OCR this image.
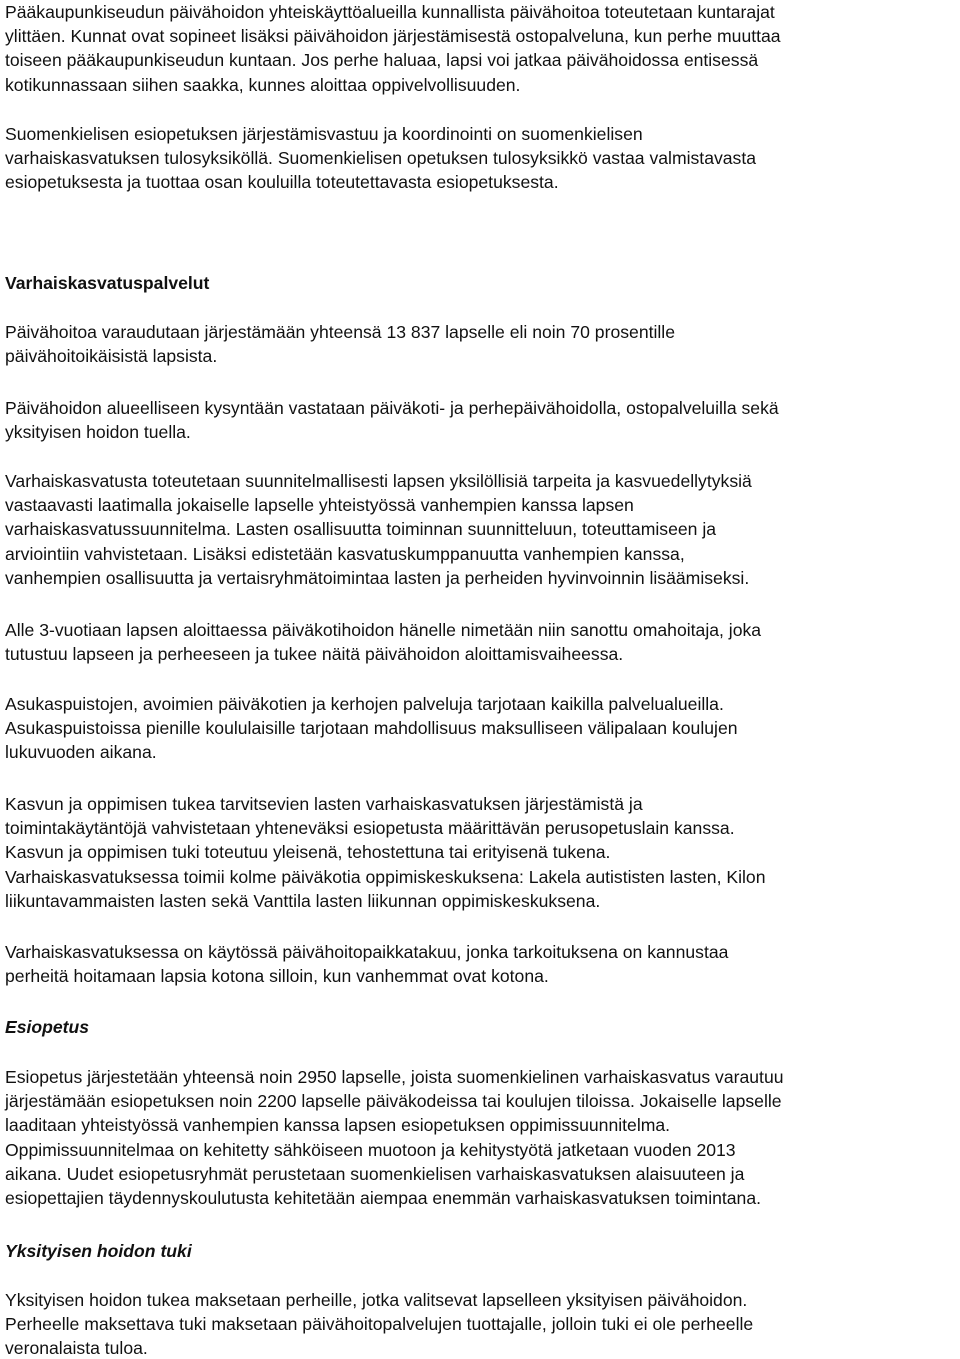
Pääkaupunkiseudun päivähoidon yhteiskäyttöalueilla kunnallista päivähoitoa toteutetaan kuntarajat
ylittäen. Kunnat ovat sopineet lisäksi päivähoidon järjestämisestä ostopalveluna, kun perhe muuttaa
toiseen pääkaupunkiseudun kuntaan. Jos perhe haluaa, lapsi voi jatkaa päivähoidossa entisessä
kotikunnassaan siihen saakka, kunnes aloittaa oppivelvollisuuden.
Suomenkielisen esiopetuksen järjestämisvastuu ja koordinointi on suomenkielisen
varhaiskasvatuksen tulosyksiköllä. Suomenkielisen opetuksen tulosyksikkö vastaa valmistavasta
esiopetuksesta ja tuottaa osan kouluilla toteutettavasta esiopetuksesta.
Varhaiskasvatuspalvelut
Päivähoitoa varaudutaan järjestämään yhteensä 13 837 lapselle eli noin 70 prosentille
päivähoitoikäisistä lapsista.
Päivähoidon alueelliseen kysyntään vastataan päiväkoti- ja perhepäivähoidolla, ostopalveluilla sekä
yksityisen hoidon tuella.
Varhaiskasvatusta toteutetaan suunnitelmallisesti lapsen yksilöllisiä tarpeita ja kasvuedellytyksiä
vastaavasti laatimalla jokaiselle lapselle yhteistyössä vanhempien kanssa lapsen
varhaiskasvatussuunnitelma. Lasten osallisuutta toiminnan suunnitteluun, toteuttamiseen ja
arviointiin vahvistetaan. Lisäksi edistetään kasvatuskumppanuutta vanhempien kanssa,
vanhempien osallisuutta ja vertaisryhmätoimintaa lasten ja perheiden hyvinvoinnin lisäämiseksi.
Alle 3-vuotiaan lapsen aloittaessa päiväkotihoidon hänelle nimetään niin sanottu omahoitaja, joka
tutustuu lapseen ja perheeseen ja tukee näitä päivähoidon aloittamisvaiheessa.
Asukaspuistojen, avoimien päiväkotien ja kerhojen palveluja tarjotaan kaikilla palvelualueilla.
Asukaspuistoissa pienille koululaisille tarjotaan mahdollisuus maksulliseen välipalaan koulujen
lukuvuoden aikana.
Kasvun ja oppimisen tukea tarvitsevien lasten varhaiskasvatuksen järjestämistä ja
toimintakäytäntöjä vahvistetaan yhteneväksi esiopetusta määrittävän perusopetuslain kanssa.
Kasvun ja oppimisen tuki toteutuu yleisenä, tehostettuna tai erityisenä tukena.
Varhaiskasvatuksessa toimii kolme päiväkotia oppimiskeskuksena: Lakela autististen lasten, Kilon
liikuntavammaisten lasten sekä Vanttila lasten liikunnan oppimiskeskuksena.
Varhaiskasvatuksessa on käytössä päivähoitopaikkatakuu, jonka tarkoituksena on kannustaa
perheitä hoitamaan lapsia kotona silloin, kun vanhemmat ovat kotona.
Esiopetus
Esiopetus järjestetään yhteensä noin 2950 lapselle, joista suomenkielinen varhaiskasvatus varautuu
järjestämään esiopetuksen noin 2200 lapselle päiväkodeissa tai koulujen tiloissa. Jokaiselle lapselle
laaditaan yhteistyössä vanhempien kanssa lapsen esiopetuksen oppimissuunnitelma.
Oppimissuunnitelmaa on kehitetty sähköiseen muotoon ja kehitystyötä jatketaan vuoden 2013
aikana. Uudet esiopetusryhmät perustetaan suomenkielisen varhaiskasvatuksen alaisuuteen ja
esiopettajien täydennyskoulutusta kehitetään aiempaa enemmän varhaiskasvatuksen toimintana.
Yksityisen hoidon tuki
Yksityisen hoidon tukea maksetaan perheille, jotka valitsevat lapselleen yksityisen päivähoidon.
Perheelle maksettava tuki maksetaan päivähoitopalvelujen tuottajalle, jolloin tuki ei ole perheelle
veronalaista tuloa.
